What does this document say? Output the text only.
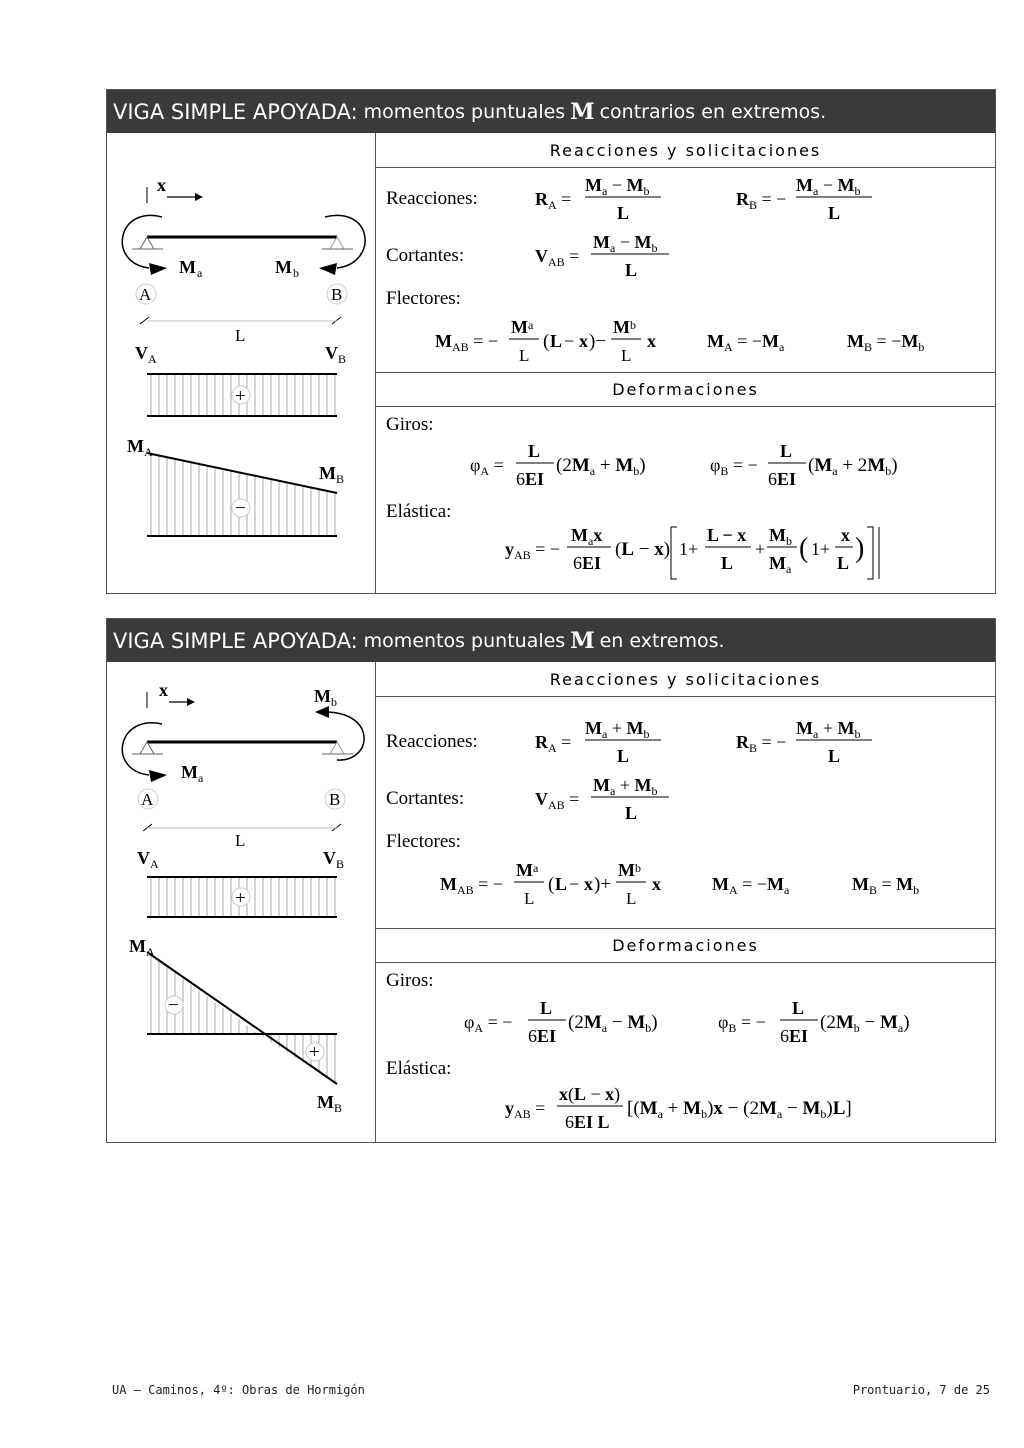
VIGA SIMPLE APOYADA: momentos puntuales M contrarios en extremos.
x
$M_a$	$M_b$
A	B
L
$V_A$	$V_B$
+
−
$M_A$
$M_B$
Reacciones y solicitaciones
Reacciones:	$R_A$ =
$M_a - M_b$
L
$R_B$ = −
$M_a - M_b$
L
Cortantes:	$V_{AB}$ =
$M_a - M_b$
L
Flectores:
$M_{AB}$ = −
$M^a$
L
( L − x )−
$M^b$
L
x	$M_A = -M_a$	$M_B = -M_b$
Deformaciones
Giros:
$\varphi_A$ =
L
6EI
$(2M_a + M_b)$	$\varphi_B$ = −
L
6EI
$(M_a + 2M_b)$
Elástica:
$y_{AB}$ = −
$M_ax$
6EI
(L − x) 1+
L − x
L
+
$M_b$
$M_a$
( 1+
x
L )
VIGA SIMPLE APOYADA: momentos puntuales M en extremos.
x	$M_b$
$M_a$
A	B
L
$V_A$	$V_B$
+
−
+
$M_A$
$M_B$
Reacciones y solicitaciones
Reacciones:	$R_A$ =
$M_a + M_b$
L
$R_B$ = −
$M_a + M_b$
L
Cortantes:	$V_{AB}$ =
$M_a + M_b$
L
Flectores:
$M_{AB}$ = −
$M^a$
L
( L − x )+
$M^b$
L
x	$M_A = -M_a$	$M_B = M_b$
Deformaciones
Giros:
$\varphi_A$ = −
L
6EI
$(2M_a - M_b)$	$\varphi_B$ = −
L
6EI
$(2M_b - M_a)$
Elástica:
$y_{AB}$ =
x(L − x)
6EI L
$[(M_a + M_b)x - (2M_a - M_b)L]$
UA – Caminos, 4º: Obras de Hormigón	Prontuario, 7 de 25
